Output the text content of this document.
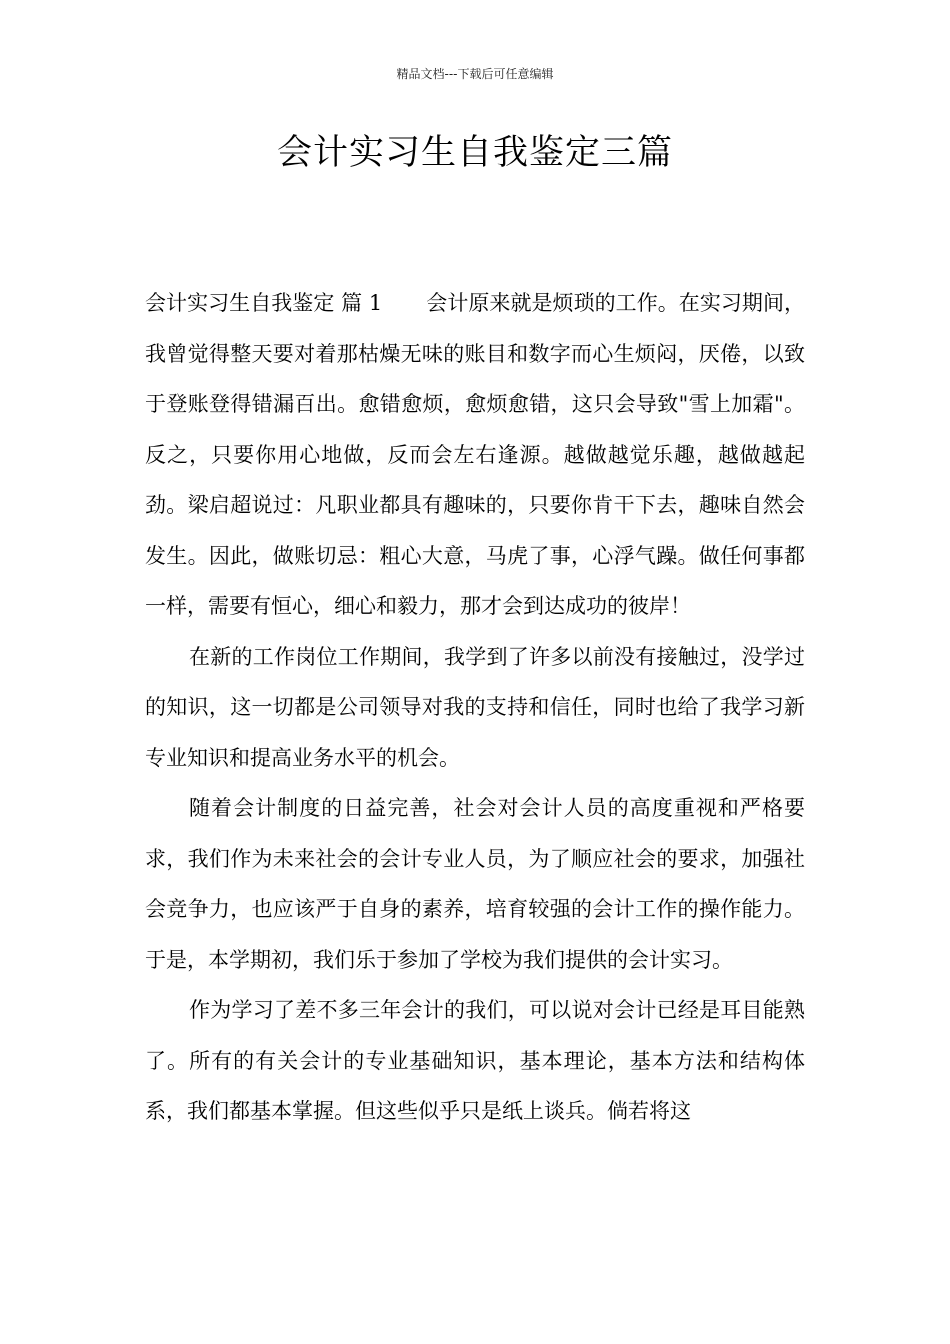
精品文档---下载后可任意编辑
会计实习生自我鉴定三篇

会计实习生自我鉴定 篇 1 会计原来就是烦琐的工作。在实习期间，我曾觉得整天要对着那枯燥无味的账目和数字而心生烦闷，厌倦，以致于登账登得错漏百出。愈错愈烦，愈烦愈错，这只会导致"雪上加霜"。反之，只要你用心地做，反而会左右逢源。越做越觉乐趣，越做越起劲。梁启超说过：凡职业都具有趣味的，只要你肯干下去，趣味自然会发生。因此，做账切忌：粗心大意，马虎了事，心浮气躁。做任何事都一样，需要有恒心，细心和毅力，那才会到达成功的彼岸！

在新的工作岗位工作期间，我学到了许多以前没有接触过，没学过的知识，这一切都是公司领导对我的支持和信任，同时也给了我学习新专业知识和提高业务水平的机会。

随着会计制度的日益完善，社会对会计人员的高度重视和严格要求，我们作为未来社会的会计专业人员，为了顺应社会的要求，加强社会竞争力，也应该严于自身的素养，培育较强的会计工作的操作能力。于是，本学期初，我们乐于参加了学校为我们提供的会计实习。

作为学习了差不多三年会计的我们，可以说对会计已经是耳目能熟了。所有的有关会计的专业基础知识，基本理论，基本方法和结构体系，我们都基本掌握。但这些似乎只是纸上谈兵。倘若将这
